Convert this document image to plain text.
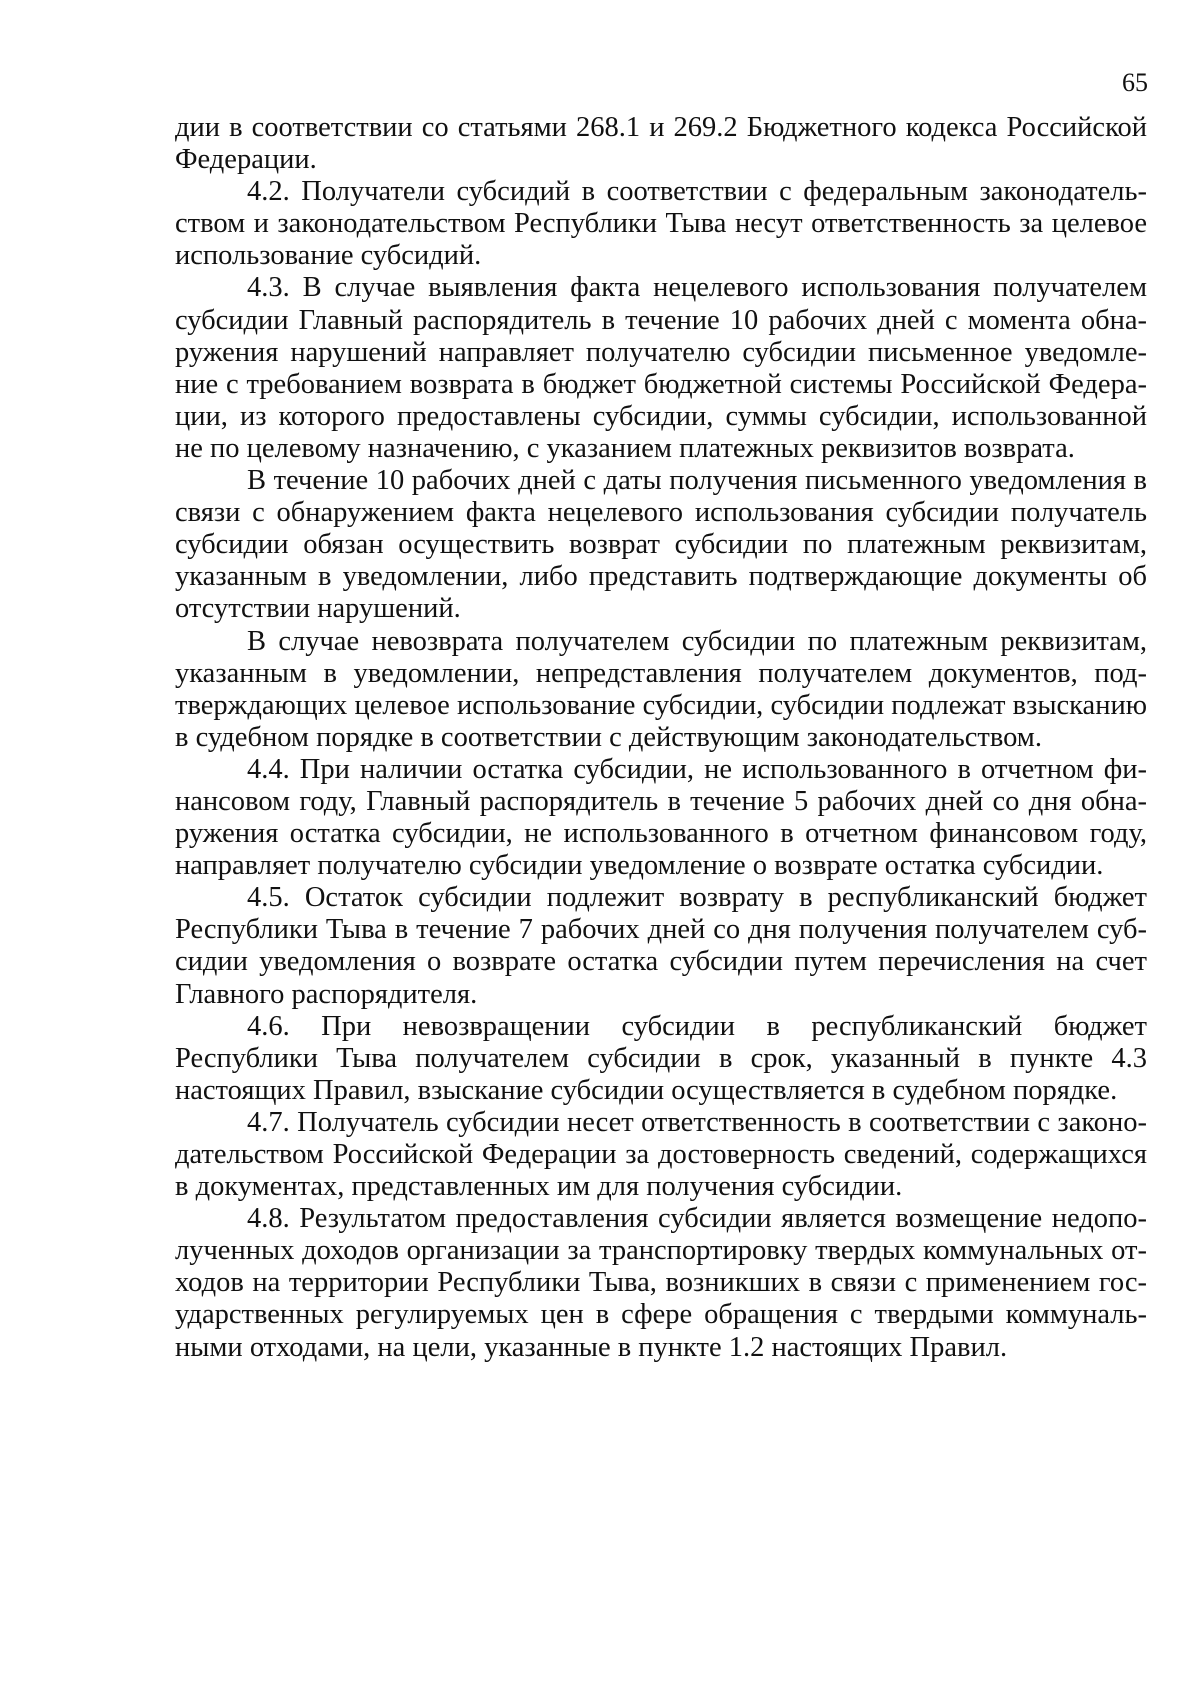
65

дии в соответствии со статьями 268.1 и 269.2 Бюджетного кодекса Российской Федерации.

4.2. Получатели субсидий в соответствии с федеральным законодательством и законодательством Республики Тыва несут ответственность за целевое использование субсидий.

4.3. В случае выявления факта нецелевого использования получателем субсидии Главный распорядитель в течение 10 рабочих дней с момента обнаружения нарушений направляет получателю субсидии письменное уведомление с требованием возврата в бюджет бюджетной системы Российской Федерации, из которого предоставлены субсидии, суммы субсидии, использованной не по целевому назначению, с указанием платежных реквизитов возврата.

В течение 10 рабочих дней с даты получения письменного уведомления в связи с обнаружением факта нецелевого использования субсидии получатель субсидии обязан осуществить возврат субсидии по платежным реквизитам, указанным в уведомлении, либо представить подтверждающие документы об отсутствии нарушений.

В случае невозврата получателем субсидии по платежным реквизитам, указанным в уведомлении, непредставления получателем документов, подтверждающих целевое использование субсидии, субсидии подлежат взысканию в судебном порядке в соответствии с действующим законодательством.

4.4. При наличии остатка субсидии, не использованного в отчетном финансовом году, Главный распорядитель в течение 5 рабочих дней со дня обнаружения остатка субсидии, не использованного в отчетном финансовом году, направляет получателю субсидии уведомление о возврате остатка субсидии.

4.5. Остаток субсидии подлежит возврату в республиканский бюджет Республики Тыва в течение 7 рабочих дней со дня получения получателем субсидии уведомления о возврате остатка субсидии путем перечисления на счет Главного распорядителя.

4.6. При невозвращении субсидии в республиканский бюджет Республики Тыва получателем субсидии в срок, указанный в пункте 4.3 настоящих Правил, взыскание субсидии осуществляется в судебном порядке.

4.7. Получатель субсидии несет ответственность в соответствии с законодательством Российской Федерации за достоверность сведений, содержащихся в документах, представленных им для получения субсидии.

4.8. Результатом предоставления субсидии является возмещение недополученных доходов организации за транспортировку твердых коммунальных отходов на территории Республики Тыва, возникших в связи с применением государственных регулируемых цен в сфере обращения с твердыми коммунальными отходами, на цели, указанные в пункте 1.2 настоящих Правил.
